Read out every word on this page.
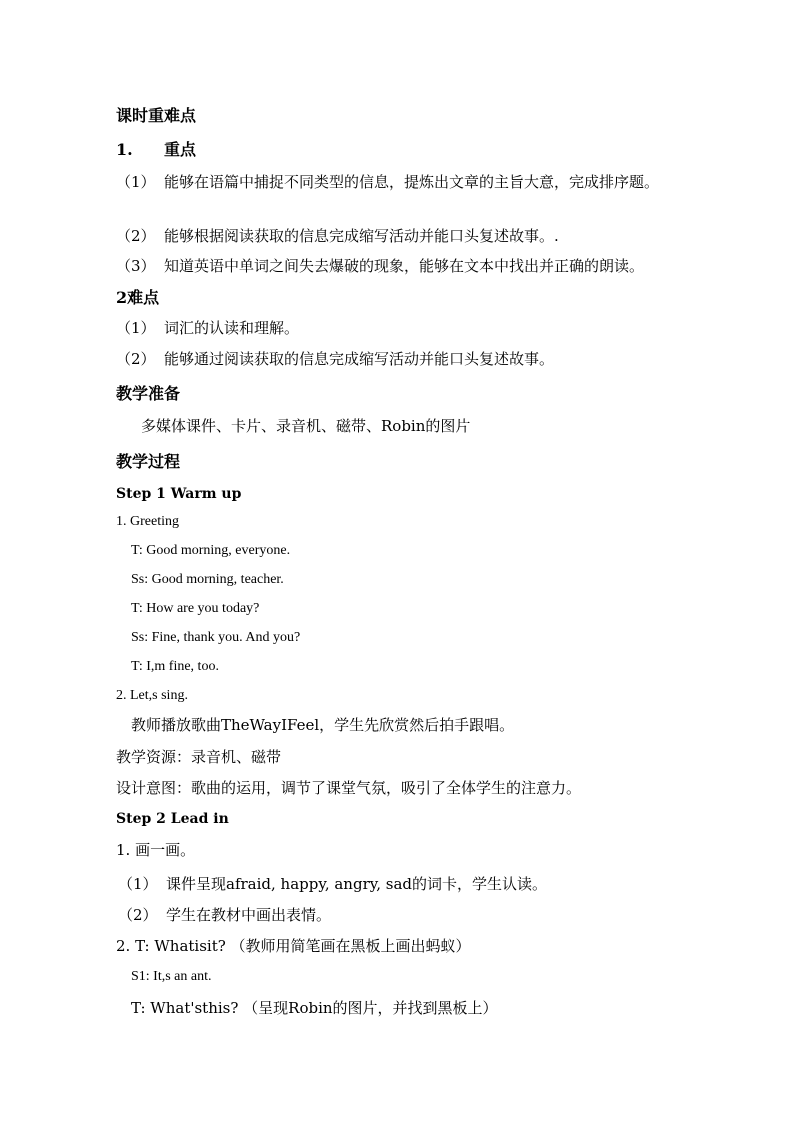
课时重难点
1. 重点
（1） 能够在语篇中捕捉不同类型的信息，提炼出文章的主旨大意，完成排序题。
（2） 能够根据阅读获取的信息完成缩写活动并能口头复述故事。.
（3） 知道英语中单词之间失去爆破的现象，能够在文本中找出并正确的朗读。
2难点
（1） 词汇的认读和理解。
（2） 能够通过阅读获取的信息完成缩写活动并能口头复述故事。
教学准备
多媒体课件、卡片、录音机、磁带、Robin的图片
教学过程
Step 1 Warm up
1. Greeting
T: Good morning, everyone.
Ss: Good morning, teacher.
T: How are you today?
Ss: Fine, thank you. And you?
T: I,m fine, too.
2. Let,s sing.
教师播放歌曲TheWayIFeel，学生先欣赏然后拍手跟唱。
教学资源：录音机、磁带
设计意图：歌曲的运用，调节了课堂气氛，吸引了全体学生的注意力。
Step 2 Lead in
1. 画一画。
（1） 课件呈现afraid, happy, angry, sad的词卡，学生认读。
（2） 学生在教材中画出表情。
2. T: Whatisit? （教师用简笔画在黑板上画出蚂蚁）
S1: It,s an ant.
T: What'sthis? （呈现Robin的图片，并找到黑板上）
